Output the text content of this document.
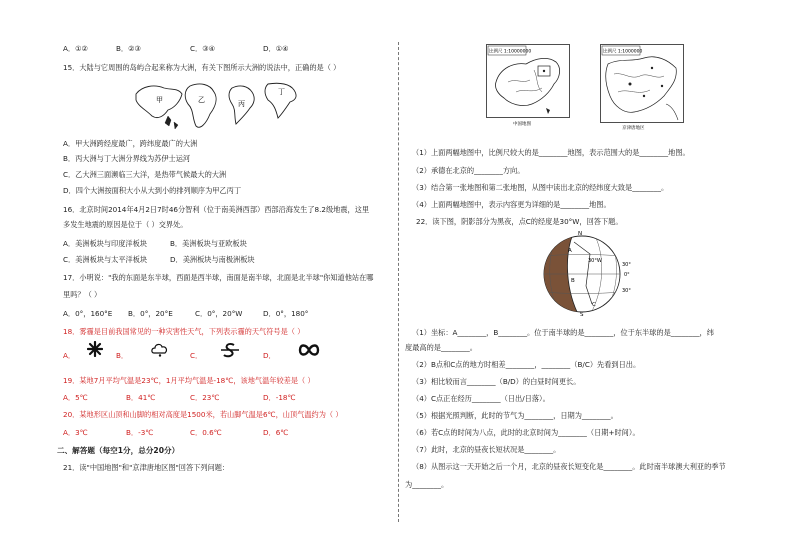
A．①②	B．②③	C．③④	D．①④
15．大陆与它周围的岛屿合起来称为大洲，有关下图所示大洲的说法中，正确的是（ ）
甲	乙	丙
丁
A．甲大洲跨经度最广，跨纬度最广的大洲
B．丙大洲与丁大洲分界线为苏伊士运河
C．乙大洲三面濒临三大洋，是热带气候最大的大洲
D．四个大洲按面积大小从大到小的排列顺序为甲乙丙丁
16．北京时间2014年4月2日7时46分智利（位于南美洲西部）西部沿海发生了8.2级地震，这里
多发生地震的原因是位于（ ）交界处。
A．美洲板块与印度洋板块	B．美洲板块与亚欧板块
C．美洲板块与太平洋板块	D．美洲板块与南极洲板块
17．小明说："我的东面是东半球，西面是西半球，南面是南半球，北面是北半球"你知道他站在哪
里吗？（ ）
A．0°，160°E B．0°，20°E	C．0°，20°W	D．0°，180°
18．雾霾是目前我国常见的一种灾害性天气，下列表示霾的天气符号是（ ）
A．	B．	C．	D．
19．某地7月平均气温是23℃，1月平均气温是-18℃，该地气温年较差是（ ）
A．5℃	B．41℃	C．23℃	D．-18℃
20．某地形区山顶和山脚的相对高度是1500米，若山脚气温是6℃，山顶气温约为（ ）
A．3℃	B．-3℃	C．0.6℃	D．6℃
二、解答题（每空1分，总分20分）
21．读"中国地图"和"京津唐地区图"回答下列问题：
比例尺 1:10000000
中国地图
比例尺 1:1000000
京津唐地区
（1）上面两幅地图中，比例尺较大的是________地图，表示范围大的是________地图。
（2）承德在北京的________方向。
（3）结合第一张地图和第二张地图，从图中读出北京的经纬度大致是________。
（4）上面两幅地图中，表示内容更为详细的是________地图。
22．读下图，阴影部分为黑夜，点C的经度是30°W，回答下题。
N
A
B
C
S
30°W
30°
0°
30°
（1）坐标：A________，B________。位于南半球的是________，位于东半球的是________，纬
度最高的是________。
（2）B点和C点的地方时相差________，________（B/C）先看到日出。
（3）相比较而言________（B/D）的白昼时间更长。
（4）C点正在经历________（日出/日落）。
（5）根据光照判断，此时的节气为________，日期为________。
（6）若C点的时间为八点，此时的北京时间为________（日期+时间）。
（7）此时，北京的昼夜长短状况是________。
（8）从图示这一天开始之后一个月，北京的昼夜长短变化是________。此时南半球澳大利亚的季节
为________。
